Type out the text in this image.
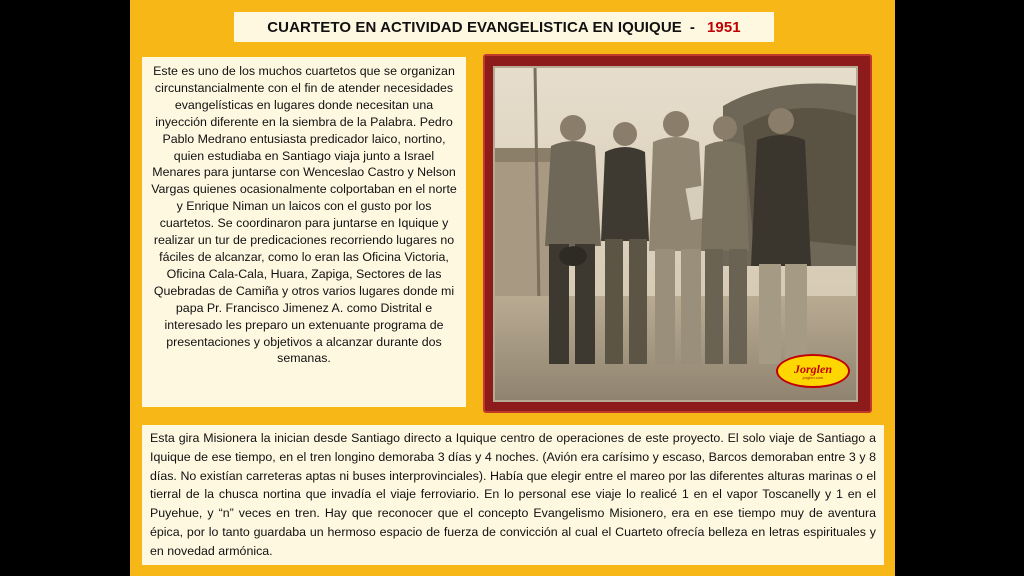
CUARTETO EN ACTIVIDAD EVANGELISTICA EN IQUIQUE - 1951
Este es uno de los muchos cuartetos que se organizan circunstancialmente con el fin de atender necesidades evangelísticas en lugares donde necesitan una inyección diferente en la siembra de la Palabra. Pedro Pablo Medrano entusiasta predicador laico, nortino, quien estudiaba en Santiago viaja junto a Israel Menares para juntarse con Wenceslao Castro y Nelson Vargas quienes ocasionalmente colportaban en el norte y Enrique Niman un laicos con el gusto por los cuartetos. Se coordinaron para juntarse en Iquique y realizar un tur de predicaciones recorriendo lugares no fáciles de alcanzar, como lo eran las Oficina Victoria, Oficina Cala-Cala, Huara, Zapiga, Sectores de las Quebradas de Camiña y otros varios lugares donde mi papa Pr. Francisco Jimenez A. como Distrital e interesado les preparo un extenuante programa de presentaciones y objetivos a alcanzar durante dos semanas.
Jorglen
jorglen.com
Esta gira Misionera la inician desde Santiago directo a Iquique centro de operaciones de este proyecto. El solo viaje de Santiago a Iquique de ese tiempo, en el tren longino demoraba 3 días y 4 noches. (Avión era carísimo y escaso, Barcos demoraban entre 3 y 8 días. No existían carreteras aptas ni buses interprovinciales). Había que elegir entre el mareo por las diferentes alturas marinas o el tierral de la chusca nortina que invadía el viaje ferroviario. En lo personal ese viaje lo realicé 1 en el vapor Toscanelly y 1 en el Puyehue, y “n” veces en tren. Hay que reconocer que el concepto Evangelismo Misionero, era en ese tiempo muy de aventura épica, por lo tanto guardaba un hermoso espacio de fuerza de convicción al cual el Cuarteto ofrecía belleza en letras espirituales y en novedad armónica.
